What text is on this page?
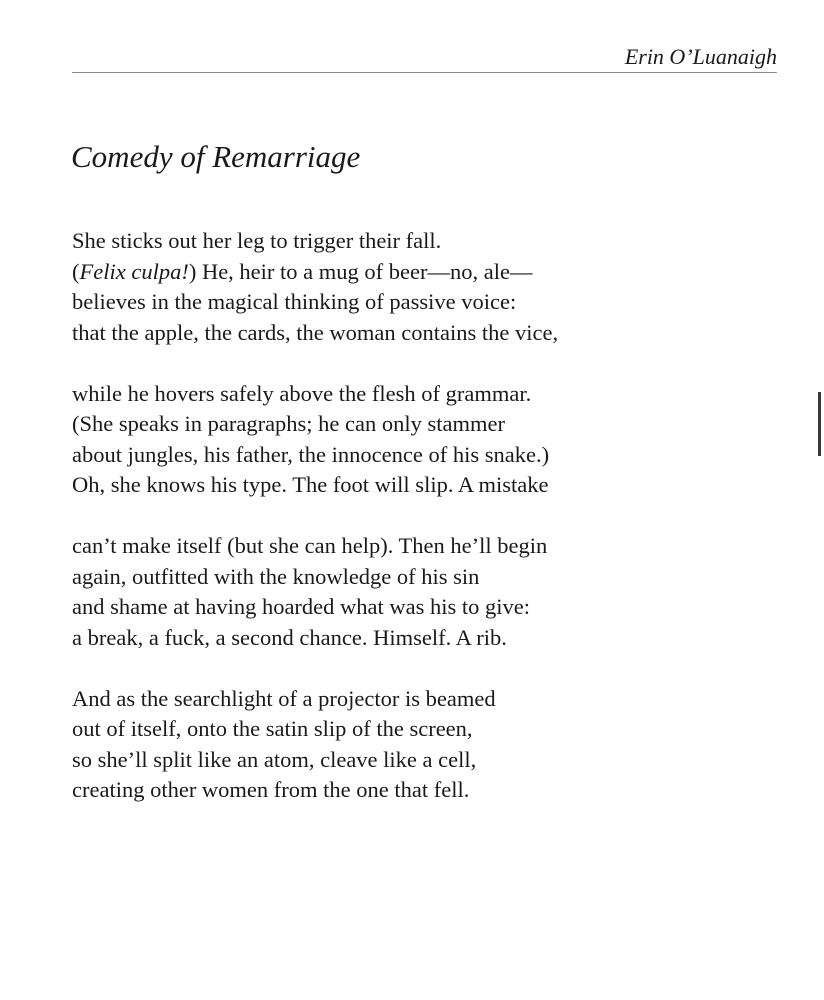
Erin O’Luanaigh
Comedy of Remarriage
She sticks out her leg to trigger their fall.
(Felix culpa!) He, heir to a mug of beer—no, ale—
believes in the magical thinking of passive voice:
that the apple, the cards, the woman contains the vice,
while he hovers safely above the flesh of grammar.
(She speaks in paragraphs; he can only stammer
about jungles, his father, the innocence of his snake.)
Oh, she knows his type. The foot will slip. A mistake
can’t make itself (but she can help). Then he’ll begin
again, outfitted with the knowledge of his sin
and shame at having hoarded what was his to give:
a break, a fuck, a second chance. Himself. A rib.
And as the searchlight of a projector is beamed
out of itself, onto the satin slip of the screen,
so she’ll split like an atom, cleave like a cell,
creating other women from the one that fell.
